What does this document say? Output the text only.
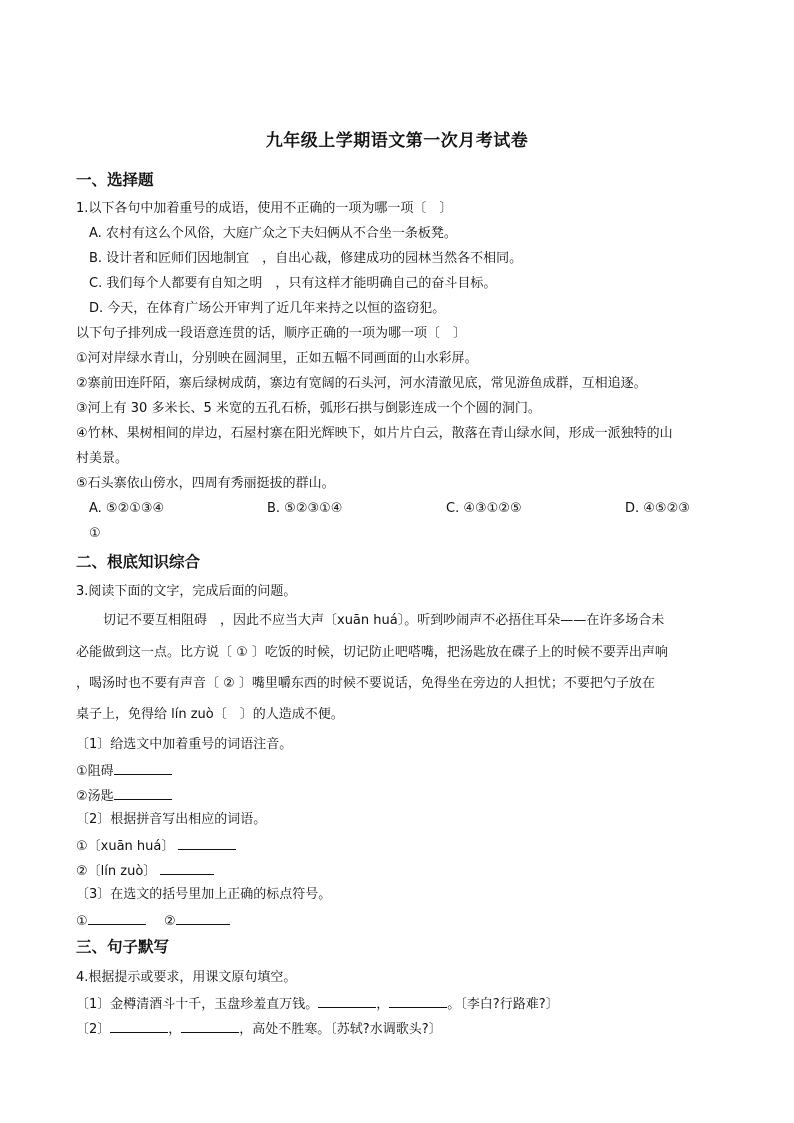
九年级上学期语文第一次月考试卷
一、选择题
1.以下各句中加着重号的成语，使用不正确的一项为哪一项〔　〕
A. 农村有这么个风俗，大庭广众之下夫妇俩从不合坐一条板凳。
B. 设计者和匠师们因地制宜　，自出心裁，修建成功的园林当然各不相同。
C. 我们每个人都要有自知之明　，只有这样才能明确自己的奋斗目标。
D. 今天，在体育广场公开审判了近几年来持之以恒的盗窃犯。
以下句子排列成一段语意连贯的话，顺序正确的一项为哪一项〔　〕
①河对岸绿水青山，分别映在圆洞里，正如五幅不同画面的山水彩屏。
②寨前田连阡陌，寨后绿树成荫，寨边有宽阔的石头河，河水清澈见底，常见游鱼成群，互相追逐。
③河上有 30 多米长、5 米宽的五孔石桥，弧形石拱与倒影连成一个个圆的洞门。
④竹林、果树相间的岸边，石屋村寨在阳光辉映下，如片片白云，散落在青山绿水间，形成一派独特的山
村美景。
⑤石头寨依山傍水，四周有秀丽挺拔的群山。
A. ⑤②①③④	B. ⑤②③①④	C. ④③①②⑤	D. ④⑤②③
①
二、根底知识综合
3.阅读下面的文字，完成后面的问题。
切记不要互相阻碍　，因此不应当大声〔xuān huá〕。听到吵闹声不必捂住耳朵——在许多场合未
必能做到这一点。比方说〔 ① 〕吃饭的时候，切记防止吧嗒嘴，把汤匙放在碟子上的时候不要弄出声响
，喝汤时也不要有声音〔 ② 〕嘴里嚼东西的时候不要说话，免得坐在旁边的人担忧；不要把勺子放在
桌子上，免得给 lín zuò〔　〕的人造成不便。
〔1〕给选文中加着重号的词语注音。
①阻碍
②汤匙
〔2〕根据拼音写出相应的词语。
①〔xuān huá〕
②〔lín zuò〕
〔3〕在选文的括号里加上正确的标点符号。
①	②
三、句子默写
4.根据提示或要求，用课文原句填空。
〔1〕金樽清酒斗十千，玉盘珍羞直万钱。	，	。〔李白?行路难?〕
〔2〕	，	，高处不胜寒。〔苏轼?水调歌头?〕
